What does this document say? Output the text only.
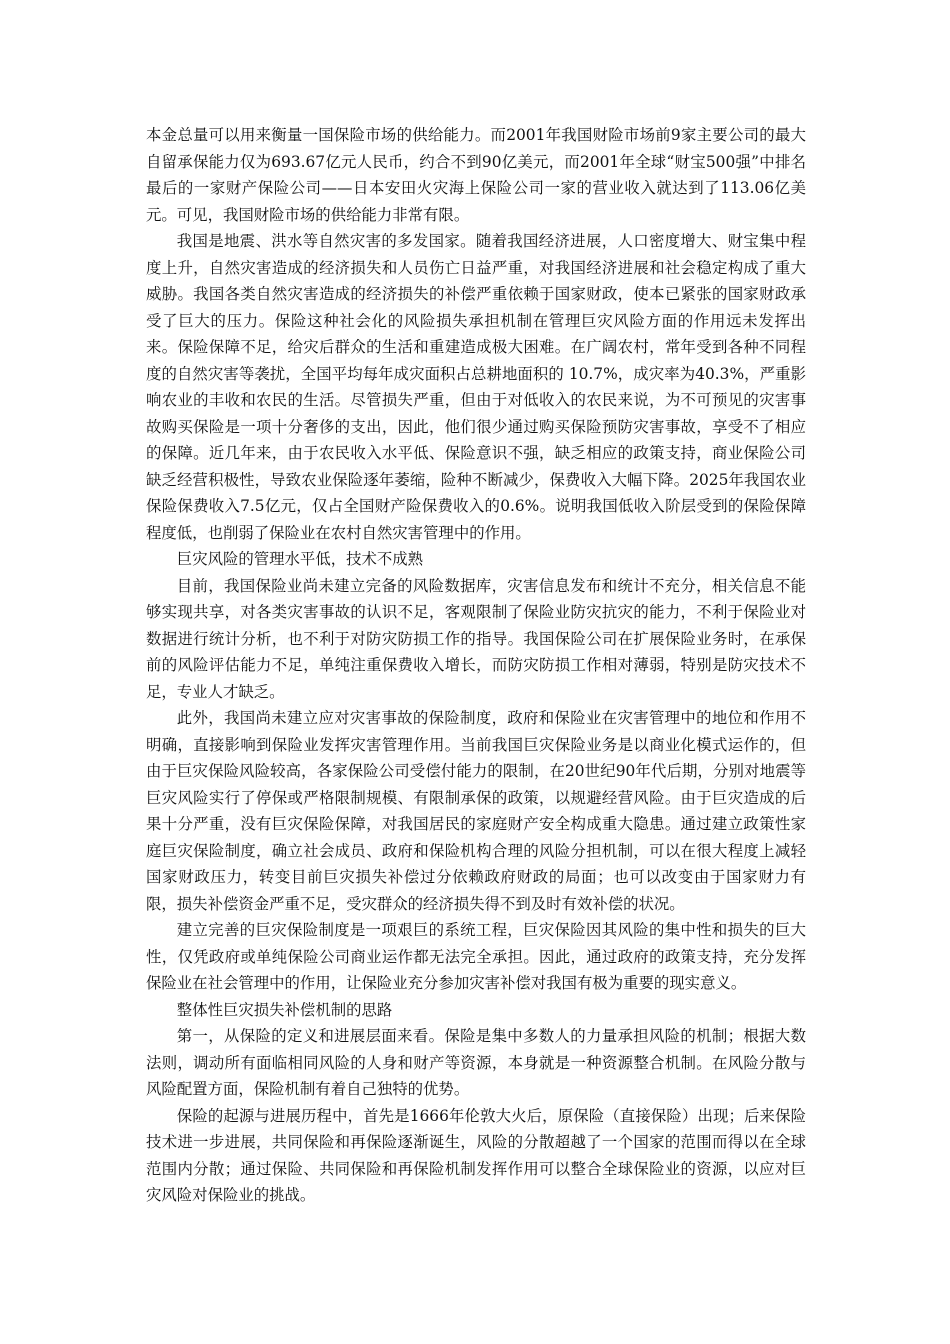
本金总量可以用来衡量一国保险市场的供给能力。而2001年我国财险市场前9家主要公司的最大自留承保能力仅为693.67亿元人民币，约合不到90亿美元，而2001年全球“财宝500强”中排名最后的一家财产保险公司——日本安田火灾海上保险公司一家的营业收入就达到了113.06亿美元。可见，我国财险市场的供给能力非常有限。

我国是地震、洪水等自然灾害的多发国家。随着我国经济进展，人口密度增大、财宝集中程度上升，自然灾害造成的经济损失和人员伤亡日益严重，对我国经济进展和社会稳定构成了重大威胁。我国各类自然灾害造成的经济损失的补偿严重依赖于国家财政，使本已紧张的国家财政承受了巨大的压力。保险这种社会化的风险损失承担机制在管理巨灾风险方面的作用远未发挥出来。保险保障不足，给灾后群众的生活和重建造成极大困难。在广阔农村，常年受到各种不同程度的自然灾害等袭扰，全国平均每年成灾面积占总耕地面积的 10.7%，成灾率为40.3%，严重影响农业的丰收和农民的生活。尽管损失严重，但由于对低收入的农民来说，为不可预见的灾害事故购买保险是一项十分奢侈的支出，因此，他们很少通过购买保险预防灾害事故，享受不了相应的保障。近几年来，由于农民收入水平低、保险意识不强，缺乏相应的政策支持，商业保险公司缺乏经营积极性，导致农业保险逐年萎缩，险种不断减少，保费收入大幅下降。2025年我国农业保险保费收入7.5亿元，仅占全国财产险保费收入的0.6%。说明我国低收入阶层受到的保险保障程度低，也削弱了保险业在农村自然灾害管理中的作用。

巨灾风险的管理水平低，技术不成熟

目前，我国保险业尚未建立完备的风险数据库，灾害信息发布和统计不充分，相关信息不能够实现共享，对各类灾害事故的认识不足，客观限制了保险业防灾抗灾的能力，不利于保险业对数据进行统计分析，也不利于对防灾防损工作的指导。我国保险公司在扩展保险业务时，在承保前的风险评估能力不足，单纯注重保费收入增长，而防灾防损工作相对薄弱，特别是防灾技术不足，专业人才缺乏。

此外，我国尚未建立应对灾害事故的保险制度，政府和保险业在灾害管理中的地位和作用不明确，直接影响到保险业发挥灾害管理作用。当前我国巨灾保险业务是以商业化模式运作的，但由于巨灾保险风险较高，各家保险公司受偿付能力的限制，在20世纪90年代后期，分别对地震等巨灾风险实行了停保或严格限制规模、有限制承保的政策，以规避经营风险。由于巨灾造成的后果十分严重，没有巨灾保险保障，对我国居民的家庭财产安全构成重大隐患。通过建立政策性家庭巨灾保险制度，确立社会成员、政府和保险机构合理的风险分担机制，可以在很大程度上减轻国家财政压力，转变目前巨灾损失补偿过分依赖政府财政的局面；也可以改变由于国家财力有限，损失补偿资金严重不足，受灾群众的经济损失得不到及时有效补偿的状况。

建立完善的巨灾保险制度是一项艰巨的系统工程，巨灾保险因其风险的集中性和损失的巨大性，仅凭政府或单纯保险公司商业运作都无法完全承担。因此，通过政府的政策支持，充分发挥保险业在社会管理中的作用，让保险业充分参加灾害补偿对我国有极为重要的现实意义。

整体性巨灾损失补偿机制的思路

第一，从保险的定义和进展层面来看。保险是集中多数人的力量承担风险的机制；根据大数法则，调动所有面临相同风险的人身和财产等资源，本身就是一种资源整合机制。在风险分散与风险配置方面，保险机制有着自己独特的优势。

保险的起源与进展历程中，首先是1666年伦敦大火后，原保险（直接保险）出现；后来保险技术进一步进展，共同保险和再保险逐渐诞生，风险的分散超越了一个国家的范围而得以在全球范围内分散；通过保险、共同保险和再保险机制发挥作用可以整合全球保险业的资源，以应对巨灾风险对保险业的挑战。
